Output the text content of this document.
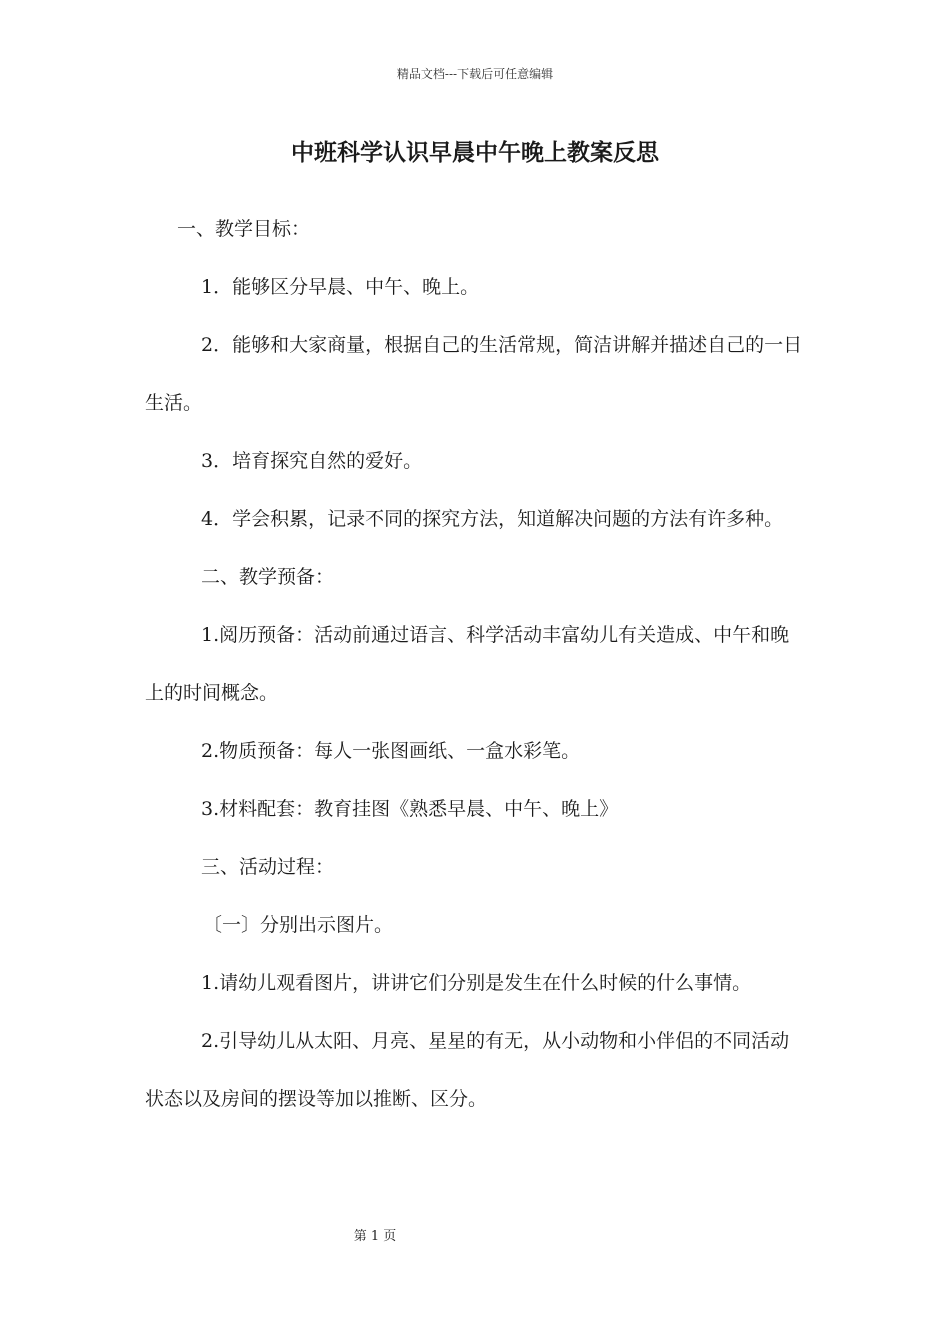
精品文档---下载后可任意编辑
中班科学认识早晨中午晚上教案反思

一、教学目标：

1．能够区分早晨、中午、晚上。

2．能够和大家商量，根据自己的生活常规，简洁讲解并描述自己的一日生活。

3．培育探究自然的爱好。

4．学会积累，记录不同的探究方法，知道解决问题的方法有许多种。

二、教学预备：

1.阅历预备：活动前通过语言、科学活动丰富幼儿有关造成、中午和晚上的时间概念。

2.物质预备：每人一张图画纸、一盒水彩笔。

3.材料配套：教育挂图《熟悉早晨、中午、晚上》

三、活动过程：

〔一〕分别出示图片。

1.请幼儿观看图片，讲讲它们分别是发生在什么时候的什么事情。

2.引导幼儿从太阳、月亮、星星的有无，从小动物和小伴侣的不同活动状态以及房间的摆设等加以推断、区分。

第 1 页
